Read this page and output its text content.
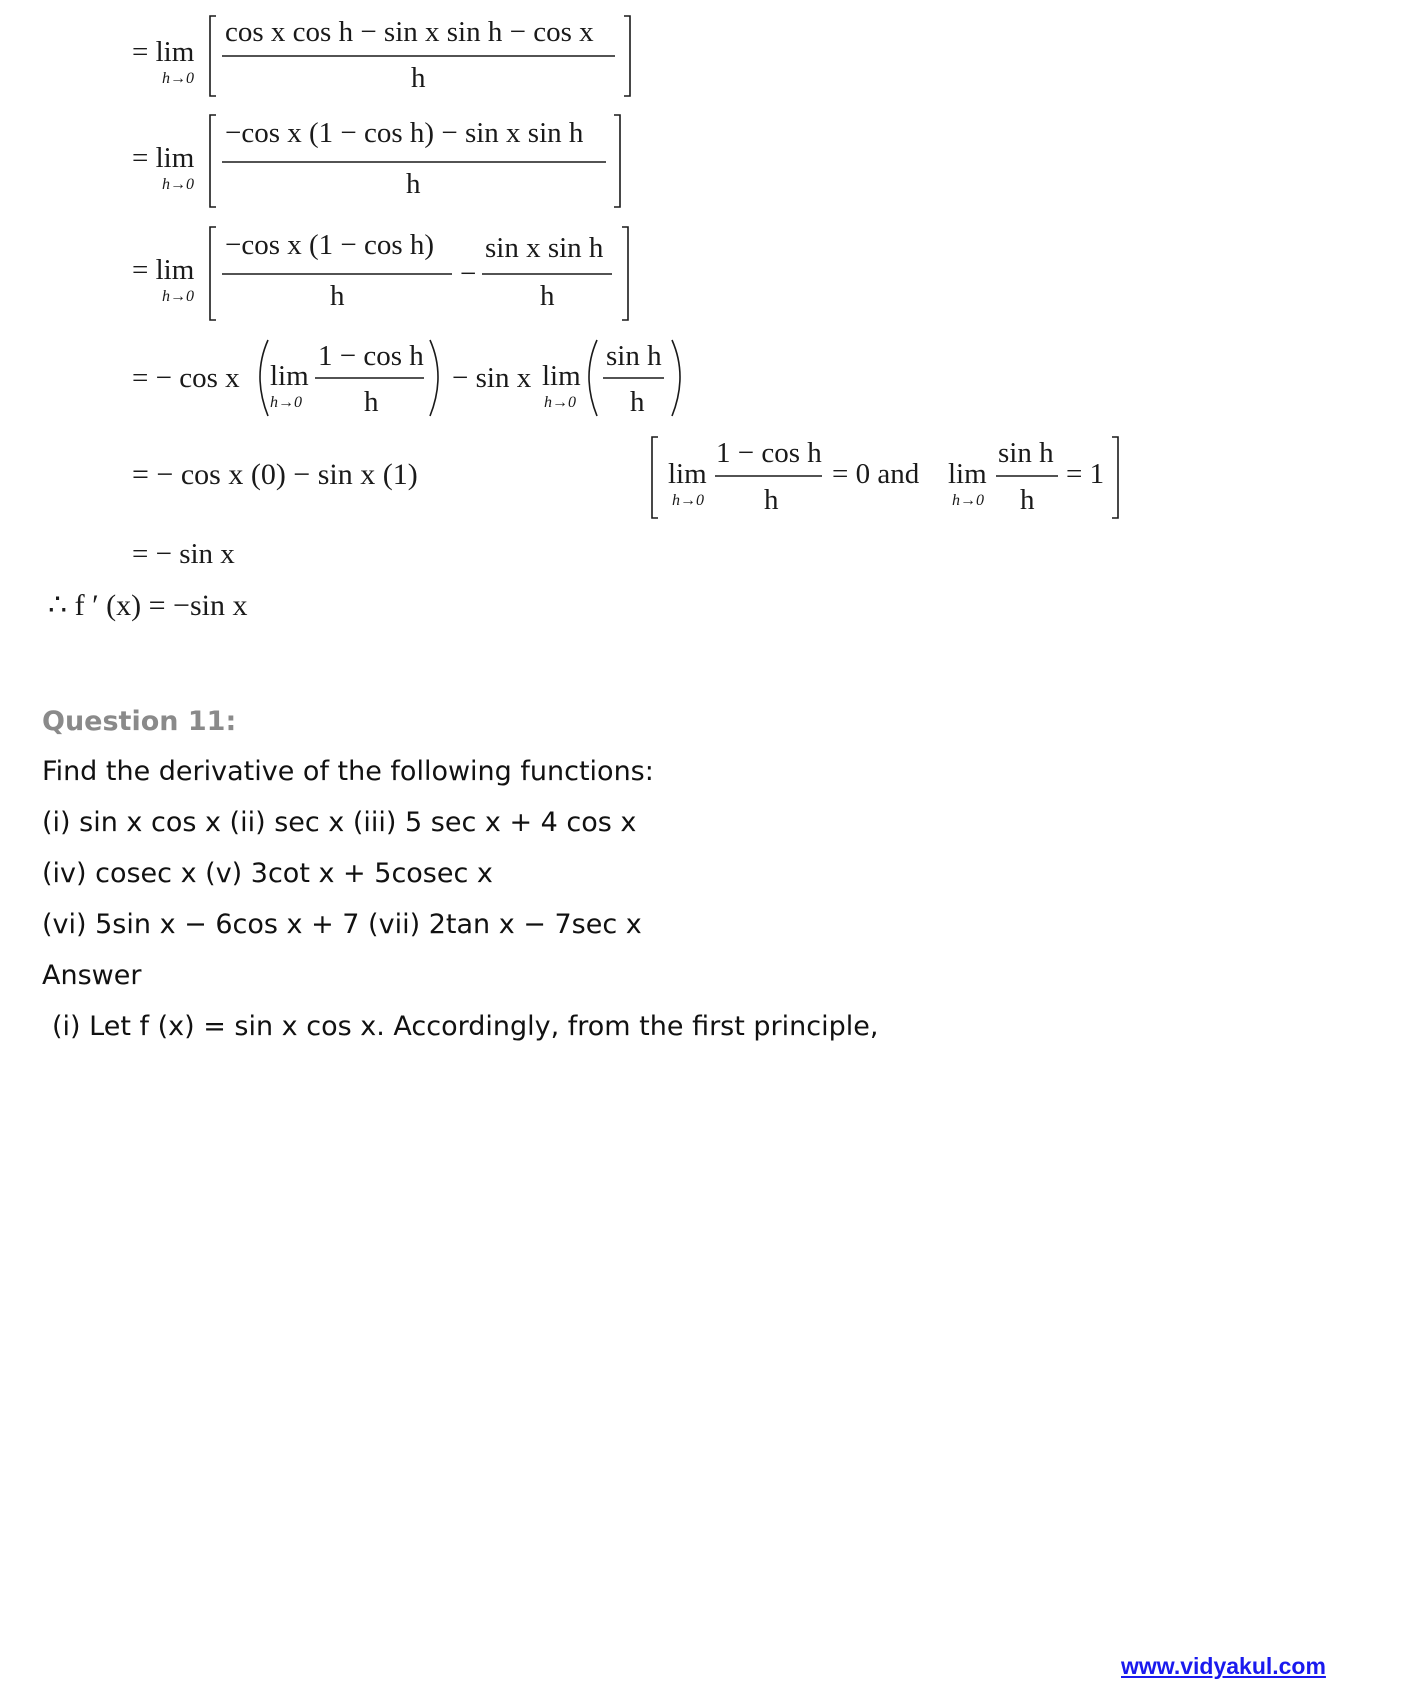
= lim
h→0
cos x cos h − sin x sin h − cos x
h
= lim
h→0
−cos x (1 − cos h) − sin x sin h
h
= lim
h→0
−cos x (1 − cos h)
h
−
sin x sin h
h
= − cos x lim
h→0
1 − cos h
h
− sin x lim
h→0
sin h
h
= − cos x (0) − sin x (1)	lim
h→0
1 − cos h
h
= 0 and lim
h→0
sin h
h
= 1
= − sin x
∴ f ′ (x) = −sin x
Question 11:
Find the derivative of the following functions:
(i) sin x cos x (ii) sec x (iii) 5 sec x + 4 cos x
(iv) cosec x (v) 3cot x + 5cosec x
(vi) 5sin x − 6cos x + 7 (vii) 2tan x − 7sec x
Answer
(i) Let f (x) = sin x cos x. Accordingly, from the first principle,
www.vidyakul.com
